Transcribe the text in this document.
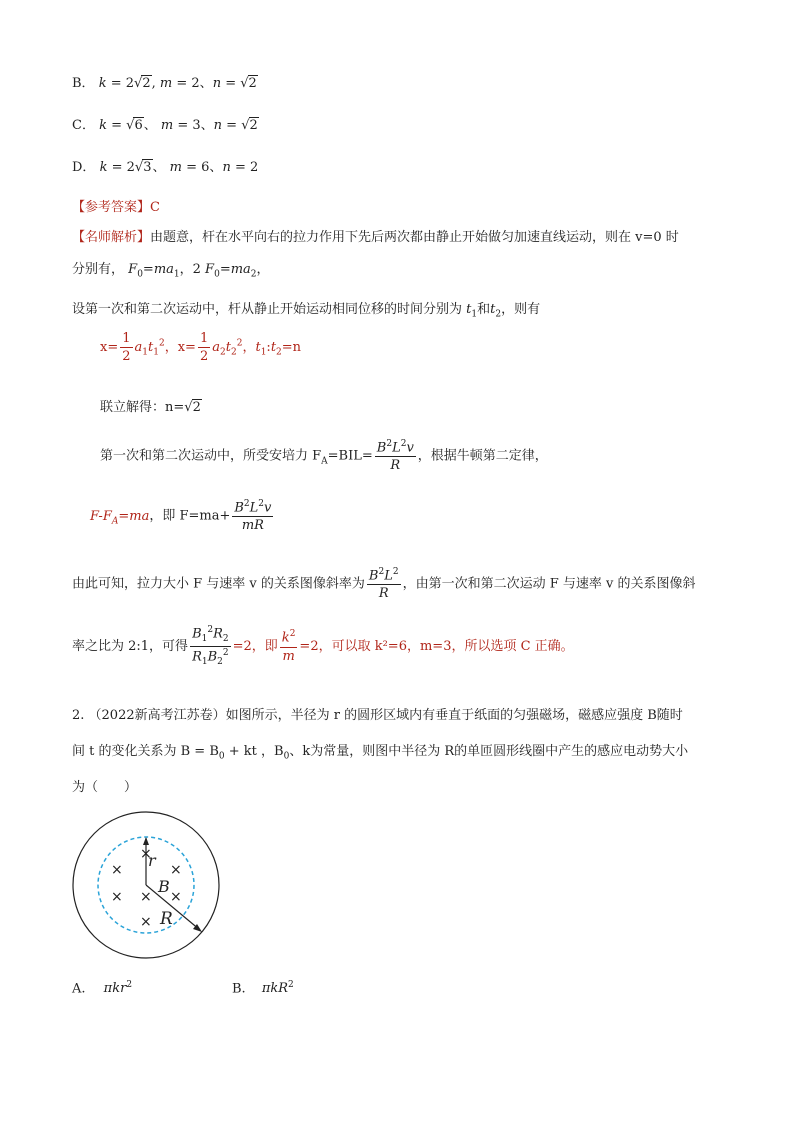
B． k = 2 √ 2 , m = 2、n = √ 2
C． k = √ 6 、 m = 3、n = √ 2
D． k = 2 √ 3 、 m = 6、n = 2
【参考答案】C
【名师解析】由题意，杆在水平向右的拉力作用下先后两次都由静止开始做匀加速直线运动，则在 v=0 时
分别有， $F_0=ma_1$，2 $F_0=ma_2$，
设第一次和第二次运动中，杆从静止开始运动相同位移的时间分别为 $t_1$和$t_2$，则有
$x= \frac{1}{2} a_1t_1^2$，$x= \frac{1}{2} a_2t_2^2$，$t_1:t_2=n$
联立解得：n= √ 2
第一次和第二次运动中，所受安培力 $F_A=BIL= \frac{B^2L^2v}{R}$ ，根据牛顿第二定律，
$F-F_A=ma$，即 $F=ma+ \frac{B^2L^2v}{mR}$
由此可知，拉力大小 F 与速率 v 的关系图像斜率为 $\frac{B^2L^2}{R}$ ，由第一次和第二次运动 F 与速率 v 的关系图像斜
率之比为 2:1，可得 $\frac{B_1^2R_2}{R_1B_2^2} =2$，即 $\frac{k^2}{m} =2$，可以取 k²=6，m=3，所以选项 C 正确。
2. （2022新高考江苏卷）如图所示，半径为 r 的圆形区域内有垂直于纸面的匀强磁场，磁感应强度 B随时
间 t 的变化关系为 $B = B_0$ + kt ，$B_0$、k为常量，则图中半径为 R的单匝圆形线圈中产生的感应电动势大小
为（　　）
×
×
×
×
×
×
×
r
B
R
A. πkr$^2$	B. πkR$^2$
